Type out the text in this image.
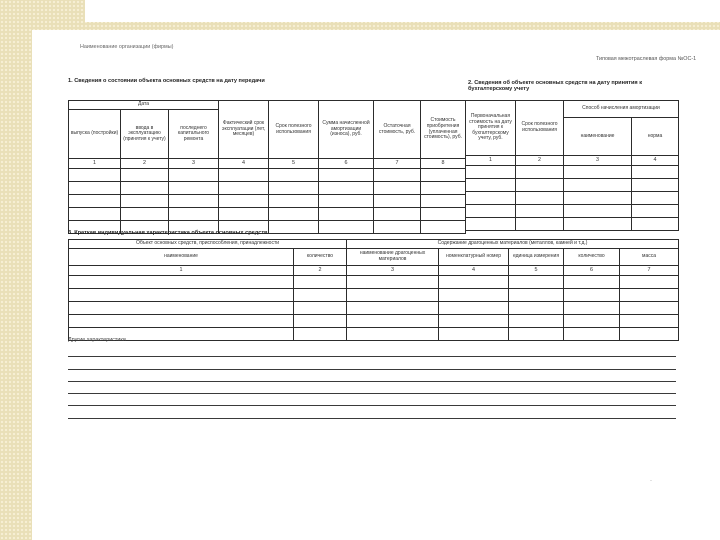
Наименование организации (фирмы)
Типовая межотраслевая форма №ОС-1
1. Сведения о состоянии объекта основных средств на дату передачи
Дата			Фактический срок эксплуатации (лет, месяцев)	Срок полезного использования	Сумма начисленной амортизации (износа), руб.	Остаточная стоимость, руб.	Стоимость приобретения (уплаченная стоимость), руб.
выпуска (постройки)	ввода в эксплуатацию (принятия к учету)	последнего капитального ремонта					
1	2	3	4	5	6	7	8

2. Сведения об объекте основных средств на дату принятия к бухгалтерскому учету
Первоначальная стоимость на дату принятия к бухгалтерскому учету, руб.	Срок полезного использования	Способ начисления амортизации	
		наименование	норма
1	2	3	4

3. Краткая индивидуальная характеристика объекта основных средств
Объект основных средств, приспособления, принадлежности		Содержание драгоценных материалов (металлов, камней и т.д.)				
наименование	количество	наименование драгоценных материалов	номенклатурный номер	единица измерения	количество	масса
1	2	3	4	5	6	7

Другие характеристики
·
